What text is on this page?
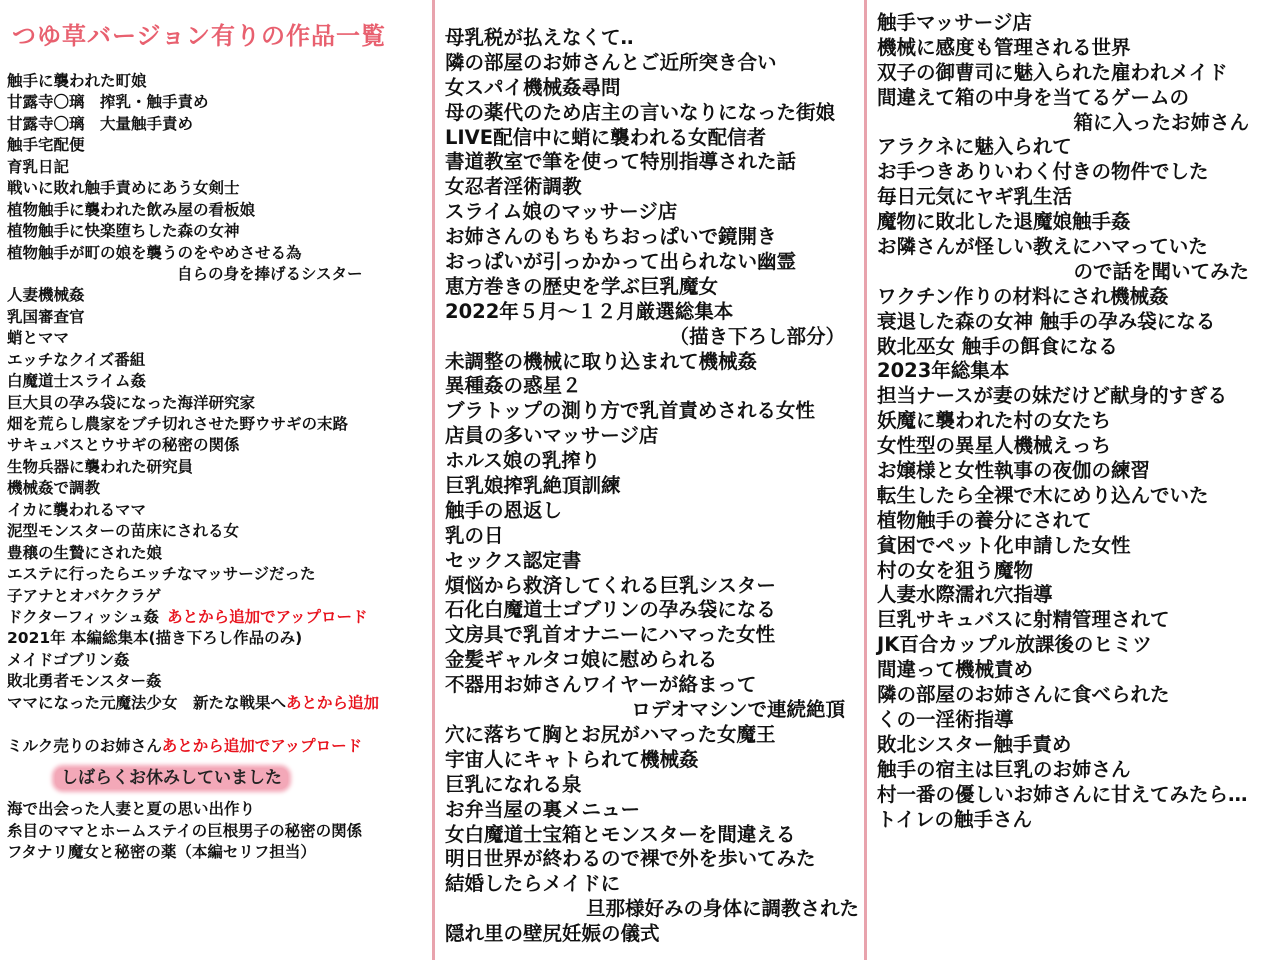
つゆ草バージョン有りの作品一覧
触手に襲われた町娘
甘露寺〇璃　搾乳・触手責め
甘露寺〇璃　大量触手責め
触手宅配便
育乳日記
戦いに敗れ触手責めにあう女剣士
植物触手に襲われた飲み屋の看板娘
植物触手に快楽堕ちした森の女神
植物触手が町の娘を襲うのをやめさせる為
自らの身を捧げるシスター
人妻機械姦
乳国審査官
蛸とママ
エッチなクイズ番組
白魔道士スライム姦
巨大貝の孕み袋になった海洋研究家
畑を荒らし農家をブチ切れさせた野ウサギの末路
サキュバスとウサギの秘密の関係
生物兵器に襲われた研究員
機械姦で調教
イカに襲われるママ
泥型モンスターの苗床にされる女
豊穣の生贄にされた娘
エステに行ったらエッチなマッサージだった
子アナとオバケクラゲ
ドクターフィッシュ姦 あとから追加でアップロード
2021年 本編総集本(描き下ろし作品のみ)
メイドゴブリン姦
敗北勇者モンスター姦
ママになった元魔法少女　新たな戦果へあとから追加
ミルク売りのお姉さんあとから追加でアップロード
しばらくお休みしていました
海で出会った人妻と夏の思い出作り
糸目のママとホームステイの巨根男子の秘密の関係
フタナリ魔女と秘密の薬（本編セリフ担当）
母乳税が払えなくて‥
隣の部屋のお姉さんとご近所突き合い
女スパイ機械姦尋問
母の薬代のため店主の言いなりになった街娘
LIVE配信中に蛸に襲われる女配信者
書道教室で筆を使って特別指導された話
女忍者淫術調教
スライム娘のマッサージ店
お姉さんのもちもちおっぱいで鏡開き
おっぱいが引っかかって出られない幽霊
恵方巻きの歴史を学ぶ巨乳魔女
2022年５月～１２月厳選総集本
（描き下ろし部分）
未調整の機械に取り込まれて機械姦
異種姦の惑星２
ブラトップの測り方で乳首責めされる女性
店員の多いマッサージ店
ホルス娘の乳搾り
巨乳娘搾乳絶頂訓練
触手の恩返し
乳の日
セックス認定書
煩悩から救済してくれる巨乳シスター
石化白魔道士ゴブリンの孕み袋になる
文房具で乳首オナニーにハマった女性
金髪ギャルタコ娘に慰められる
不器用お姉さんワイヤーが絡まって
ロデオマシンで連続絶頂
穴に落ちて胸とお尻がハマった女魔王
宇宙人にキャトられて機械姦
巨乳になれる泉
お弁当屋の裏メニュー
女白魔道士宝箱とモンスターを間違える
明日世界が終わるので裸で外を歩いてみた
結婚したらメイドに
旦那様好みの身体に調教された
隠れ里の壁尻妊娠の儀式
触手マッサージ店
機械に感度も管理される世界
双子の御曹司に魅入られた雇われメイド
間違えて箱の中身を当てるゲームの
箱に入ったお姉さん
アラクネに魅入られて
お手つきありいわく付きの物件でした
毎日元気にヤギ乳生活
魔物に敗北した退魔娘触手姦
お隣さんが怪しい教えにハマっていた
ので話を聞いてみた
ワクチン作りの材料にされ機械姦
衰退した森の女神 触手の孕み袋になる
敗北巫女 触手の餌食になる
2023年総集本
担当ナースが妻の妹だけど献身的すぎる
妖魔に襲われた村の女たち
女性型の異星人機械えっち
お嬢様と女性執事の夜伽の練習
転生したら全裸で木にめり込んでいた
植物触手の養分にされて
貧困でペット化申請した女性
村の女を狙う魔物
人妻水際濡れ穴指導
巨乳サキュバスに射精管理されて
JK百合カップル放課後のヒミツ
間違って機械責め
隣の部屋のお姉さんに食べられた
くの一淫術指導
敗北シスター触手責め
触手の宿主は巨乳のお姉さん
村一番の優しいお姉さんに甘えてみたら…
トイレの触手さん
